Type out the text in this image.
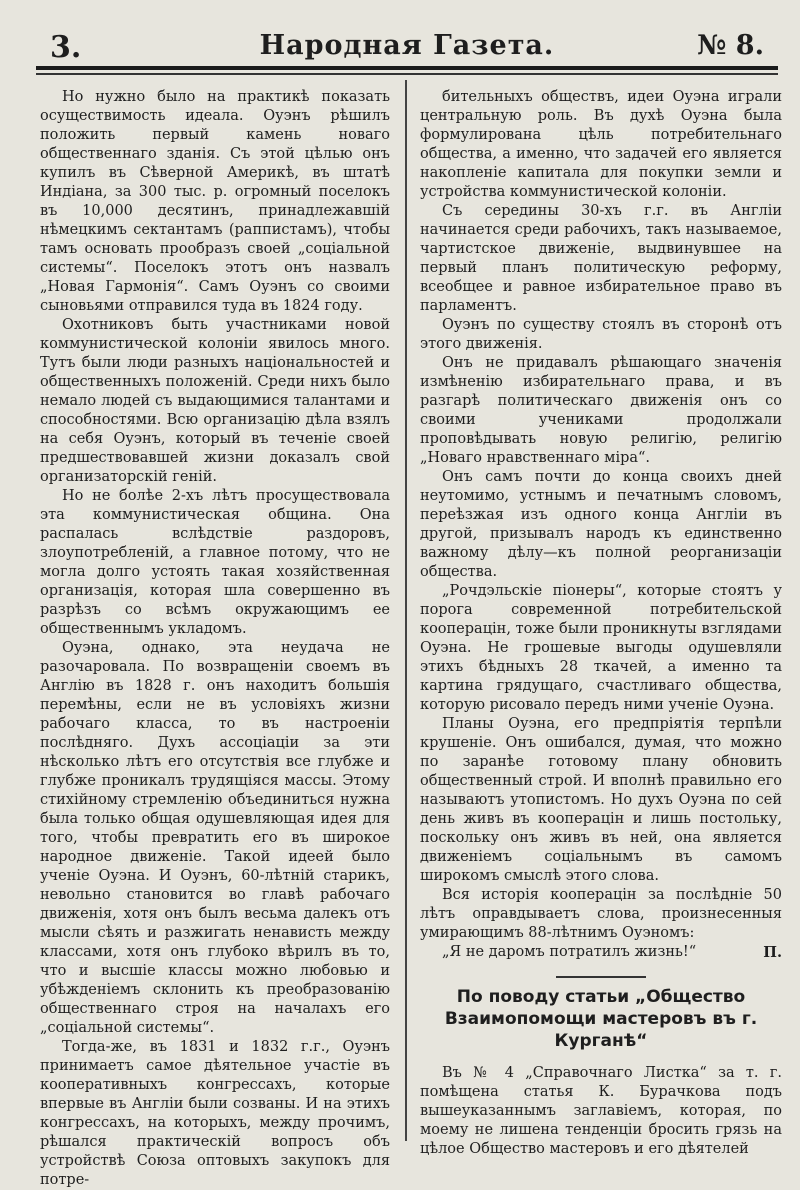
3.	Народная Газета.	№ 8.

Но нужно было на практикѣ показать осуществимость идеала. Оуэнъ рѣшилъ положить первый камень новаго общественнаго зданія. Съ этой цѣлью онъ купилъ въ Сѣверной Америкѣ, въ штатѣ Индіана, за 300 тыс. р. огромный поселокъ въ 10,000 десятинъ, принадлежавшій нѣмецкимъ сектантамъ (раппистамъ), чтобы тамъ основать прообразъ своей „соціальной системы“. Поселокъ этотъ онъ назвалъ „Новая Гармонія“. Самъ Оуэнъ со своими сыновьями отправился туда въ 1824 году.

Охотниковъ быть участниками новой коммунистической колоніи явилось много. Тутъ были люди разныхъ національностей и общественныхъ положеній. Среди нихъ было немало людей съ выдающимися талантами и способностями. Всю организацію дѣла взялъ на себя Оуэнъ, который въ теченіе своей предшествовавшей жизни доказалъ свой организаторскій геній.

Но не болѣе 2-хъ лѣтъ просуществовала эта коммунистическая община. Она распалась вслѣдствіе раздоровъ, злоупотребленій, а главное потому, что не могла долго устоять такая хозяйственная организація, которая шла совершенно въ разрѣзъ со всѣмъ окружающимъ ее общественнымъ укладомъ.

Оуэна, однако, эта неудача не разочаровала. По возвращеніи своемъ въ Англію въ 1828 г. онъ находитъ большія перемѣны, если не въ условіяхъ жизни рабочаго класса, то въ настроеніи послѣдняго. Духъ ассоціаціи за эти нѣсколько лѣтъ его отсутствія все глубже и глубже проникалъ трудящіяся массы. Этому стихійному стремленію объединиться нужна была только общая одушевляющая идея для того, чтобы превратить его въ широкое народное движеніе. Такой идеей было ученіе Оуэна. И Оуэнъ, 60-лѣтній старикъ, невольно становится во главѣ рабочаго движенія, хотя онъ былъ весьма далекъ отъ мысли сѣять и разжигать ненависть между классами, хотя онъ глубоко вѣрилъ въ то, что и высшіе классы можно любовью и убѣжденіемъ склонить къ преобразованію общественнаго строя на началахъ его „соціальной системы“.

Тогда-же, въ 1831 и 1832 г.г., Оуэнъ принимаетъ самое дѣятельное участіе въ кооперативныхъ конгрессахъ, которые впервые въ Англіи были созваны. И на этихъ конгрессахъ, на которыхъ, между прочимъ, рѣшался практическій вопросъ объ устройствѣ Союза оптовыхъ закупокъ для потре-

бительныхъ обществъ, идеи Оуэна играли центральную роль. Въ духѣ Оуэна была формулирована цѣль потребительнаго общества, а именно, что задачей его является накопленіе капитала для покупки земли и устройства коммунистической колоніи.

Съ середины 30-хъ г.г. въ Англіи начинается среди рабочихъ, такъ называемое, чартистское движеніе, выдвинувшее на первый планъ политическую реформу, всеобщее и равное избирательное право въ парламентъ.

Оуэнъ по существу стоялъ въ сторонѣ отъ этого движенія.

Онъ не придавалъ рѣшающаго значенія измѣненію избирательнаго права, и въ разгарѣ политическаго движенія онъ со своими учениками продолжали проповѣдывать новую религію, религію „Новаго нравственнаго міра“.

Онъ самъ почти до конца своихъ дней неутомимо, устнымъ и печатнымъ словомъ, переѣзжая изъ одного конца Англіи въ другой, призывалъ народъ къ единственно важному дѣлу—къ полной реорганизаціи общества.

„Рочдэльскіе піонеры“, которые стоятъ у порога современной потребительской кооперацін, тоже были проникнуты взглядами Оуэна. Не грошевые выгоды одушевляли этихъ бѣдныхъ 28 ткачей, а именно та картина грядущаго, счастливаго общества, которую рисовало передъ ними ученіе Оуэна.

Планы Оуэна, его предпріятія терпѣли крушеніе. Онъ ошибался, думая, что можно по заранѣе готовому плану обновить общественный строй. И вполнѣ правильно его называютъ утопистомъ. Но духъ Оуэна по сей день живъ въ кооперацін и лишь постольку, поскольку онъ живъ въ ней, она является движеніемъ соціальнымъ въ самомъ широкомъ смыслѣ этого слова.

Вся исторія кооперацін за послѣдніе 50 лѣтъ оправдываетъ слова, произнесенныя умирающимъ 88-лѣтнимъ Оуэномъ:

„Я не даромъ потратилъ жизнь!“	П.

По поводу статьи „Общество Взаимопомощи мастеровъ въ г. Курганѣ“

Въ № 4 „Справочнаго Листка“ за т. г. помѣщена статья К. Бурачкова подъ вышеуказаннымъ заглавіемъ, которая, по моему не лишена тенденціи бросить грязь на цѣлое Общество мастеровъ и его дѣятелей
